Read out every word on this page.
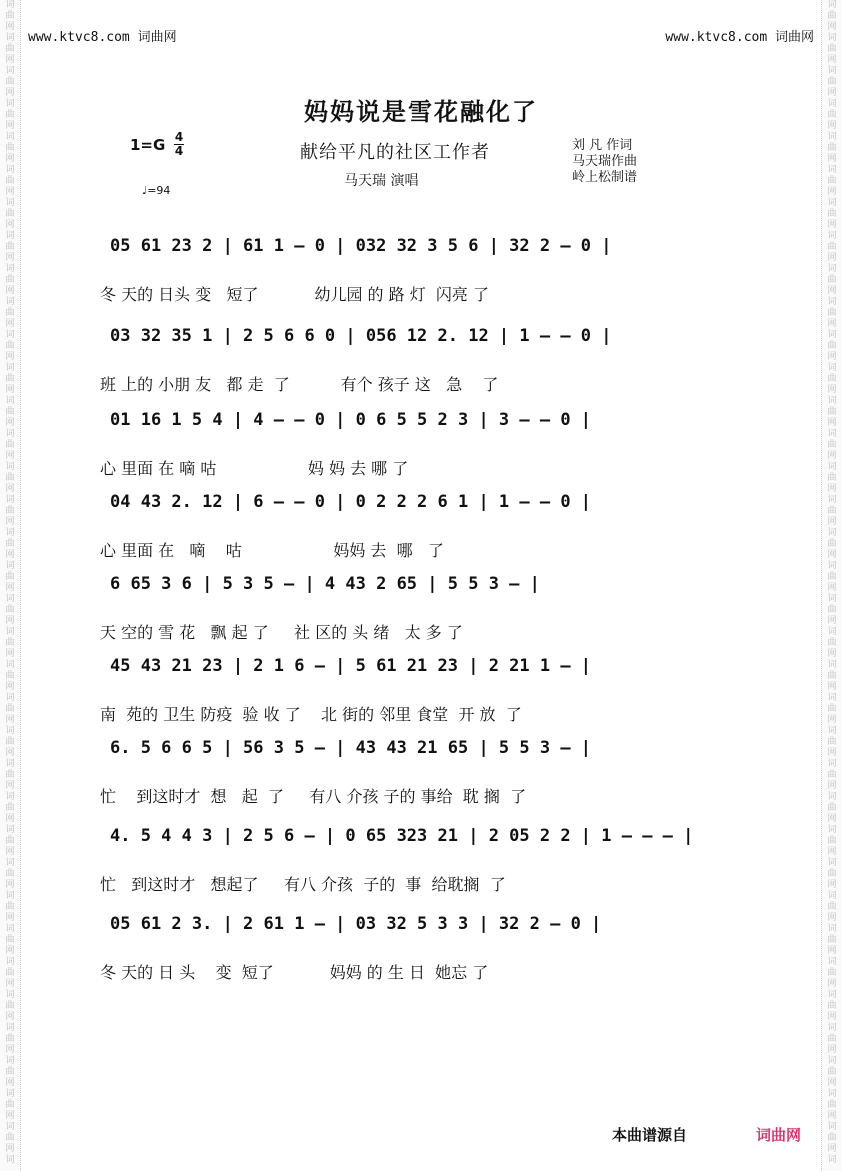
词
曲
网
词
曲
网
词
曲
网
词
曲
网
词
曲
网
词
曲
网
词
曲
网
词
曲
网
词
曲
网
词
曲
网
词
曲
网
词
曲
网
词
曲
网
词
曲
网
词
曲
网
词
曲
网
词
曲
网
词
曲
网
词
曲
网
词
曲
网
词
曲
网
词
曲
网
词
曲
网
词
曲
网
词
曲
网
词
曲
网
词
曲
网
词
曲
网
词
曲
网
词
曲
网
词
曲
网
词
曲
网
词
曲
网
词
曲
网
词
曲
网
词
词
曲
网
词
曲
网
词
曲
网
词
曲
网
词
曲
网
词
曲
网
词
曲
网
词
曲
网
词
曲
网
词
曲
网
词
曲
网
词
曲
网
词
曲
网
词
曲
网
词
曲
网
词
曲
网
词
曲
网
词
曲
网
词
曲
网
词
曲
网
词
曲
网
词
曲
网
词
曲
网
词
曲
网
词
曲
网
词
曲
网
词
曲
网
词
曲
网
词
曲
网
词
曲
网
词
曲
网
词
曲
网
词
曲
网
词
曲
网
词
曲
网
词
www.ktvc8.com 词曲网	www.ktvc8.com 词曲网
妈妈说是雪花融化了
献给平凡的社区工作者
马天瑞 演唱
刘 凡 作词
马天瑞作曲
岭上松制谱
1=G 4
4
♩=94
05 61 23 2 | 61 1 – 0 | 032 32 3 5 6 | 32 2 – 0 |
冬 天的 日头 变   短了           幼儿园 的 路 灯  闪亮 了
03 32 35 1 | 2 5 6 6 0 | 056 12 2. 12 | 1 – – 0 |
班 上的 小朋 友   都 走  了          有个 孩子 这   急    了
01 16 1 5 4 | 4 – – 0 | 0 6 5 5 2 3 | 3 – – 0 |
心 里面 在 嘀 咕                  妈 妈 去 哪 了
04 43 2. 12 | 6 – – 0 | 0 2 2 2 6 1 | 1 – – 0 |
心 里面 在   嘀    咕                  妈妈 去  哪   了
6 65 3 6 | 5 3 5 – | 4 43 2 65 | 5 5 3 – |
天 空的 雪 花   飘 起 了     社 区的 头 绪   太 多 了
45 43 21 23 | 2 1 6 – | 5 61 21 23 | 2 21 1 – |
南  苑的 卫生 防疫  验 收 了    北 街的 邻里 食堂  开 放  了
6. 5 6 6 5 | 56 3 5 – | 43 43 21 65 | 5 5 3 – |
忙    到这时才  想   起  了     有八 介孩 子的 事给  耽 搁  了
4. 5 4 4 3 | 2 5 6 – | 0 65 323 21 | 2 05 2 2 | 1 – – – |
忙   到这时才   想起了     有八 介孩  子的  事  给耽搁  了
05 61 2 3. | 2 61 1 – | 03 32 5 3 3 | 32 2 – 0 |
冬 天的 日 头    变  短了           妈妈 的 生 日  她忘 了
本曲谱源自	词曲网
